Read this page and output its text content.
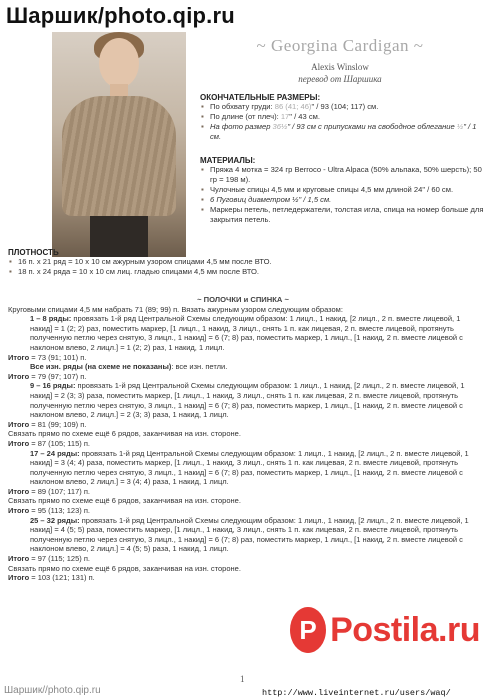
Шаршик/photo.qip.ru
~ Georgina Cardigan ~
Alexis Winslow
перевод от Шаршика
ОКОНЧАТЕЛЬНЫЕ РАЗМЕРЫ:
▪ По обхвату груди: 86 (41; 46)" / 93 (104; 117) см.
▪ По длине (от плеч): 17" / 43 см.
▪ На фото размер 36½" / 93 см с припусками на свободное облегание ½" / 1 см.
МАТЕРИАЛЫ:
▪ Пряжа 4 мотка = 324 гр Berroco - Ultra Alpaca (50% альпака, 50% шерсть); 50 гр = 198 м).
▪ Чулочные спицы 4,5 мм и круговые спицы 4,5 мм длиной 24" / 60 см.
▪ 6 Пуговиц диаметром ½" / 1,5 см.
▪ Маркеры петель, петледержатели, толстая игла, спица на номер больше для закрытия петель.
ПЛОТНОСТЬ
▪ 16 п. х 21 ряд = 10 х 10 см ажурным узором спицами 4,5 мм после ВТО.
▪ 18 п. х 24 ряда = 10 х 10 см лиц. гладью спицами 4,5 мм после ВТО.
~ ПОЛОЧКИ и СПИНКА ~

Круговыми спицами 4,5 мм набрать 71 (89; 99) п. Вязать ажурным узором следующим образом:

1 – 8 ряды: провязать 1-й ряд Центральной Схемы следующим образом: 1 лицл., 1 накид, [2 лицл., 2 п. вместе лицевой, 1 накид] = 1 (2; 2) раз, поместить маркер, [1 лицл., 1 накид, 3 лицл., снять 1 п. как лицевая, 2 п. вместе лицевой, протянуть полученную петлю через снятую, 3 лицл., 1 накид] = 6 (7; 8) раз, поместить маркер, 1 лицл., [1 накид, 2 п. вместе лицевой с наклоном влево, 2 лицл.] = 1 (2; 2) раз, 1 накид, 1 лицл.

Итого = 73 (91; 101) п.

Все изн. ряды (на схеме не показаны): все изн. петли.

Итого = 79 (97; 107) п.

9 – 16 ряды: провязать 1-й ряд Центральной Схемы следующим образом: 1 лицл., 1 накид, [2 лицл., 2 п. вместе лицевой, 1 накид] = 2 (3; 3) раза, поместить маркер, [1 лицл., 1 накид, 3 лицл., снять 1 п. как лицевая, 2 п. вместе лицевой, протянуть полученную петлю через снятую, 3 лицл., 1 накид] = 6 (7; 8) раз, поместить маркер, 1 лицл., [1 накид, 2 п. вместе лицевой с наклоном влево, 2 лицл.] = 2 (3; 3) раза, 1 накид, 1 лицл.

Итого = 81 (99; 109) п.

Связать прямо по схеме ещё 6 рядов, заканчивая на изн. стороне.

Итого = 87 (105; 115) п.

17 – 24 ряды: провязать 1-й ряд Центральной Схемы следующим образом: 1 лицл., 1 накид, [2 лицл., 2 п. вместе лицевой, 1 накид] = 3 (4; 4) раза, поместить маркер, [1 лицл., 1 накид, 3 лицл., снять 1 п. как лицевая, 2 п. вместе лицевой, протянуть полученную петлю через снятую, 3 лицл., 1 накид] = 6 (7; 8) раз, поместить маркер, 1 лицл., [1 накид, 2 п. вместе лицевой с наклоном влево, 2 лицл.] = 3 (4; 4) раза, 1 накид, 1 лицл.

Итого = 89 (107; 117) п.

Связать прямо по схеме ещё 6 рядов, заканчивая на изн. стороне.

Итого = 95 (113; 123) п.

25 – 32 ряды: провязать 1-й ряд Центральной Схемы следующим образом: 1 лицл., 1 накид, [2 лицл., 2 п. вместе лицевой, 1 накид] = 4 (5; 5) раза, поместить маркер, [1 лицл., 1 накид, 3 лицл., снять 1 п. как лицевая, 2 п. вместе лицевой, протянуть полученную петлю через снятую, 3 лицл., 1 накид] = 6 (7; 8) раз, поместить маркер, 1 лицл., [1 накид, 2 п. вместе лицевой с наклоном влево, 2 лицл.] = 4 (5; 5) раза, 1 накид, 1 лицл.

Итого = 97 (115; 125) п.

Связать прямо по схеме ещё 6 рядов, заканчивая на изн. стороне.

Итого = 103 (121; 131) п.

P Postila.ru
1
Шаршик//photo.qip.ru	http://www.liveinternet.ru/users/waq/
